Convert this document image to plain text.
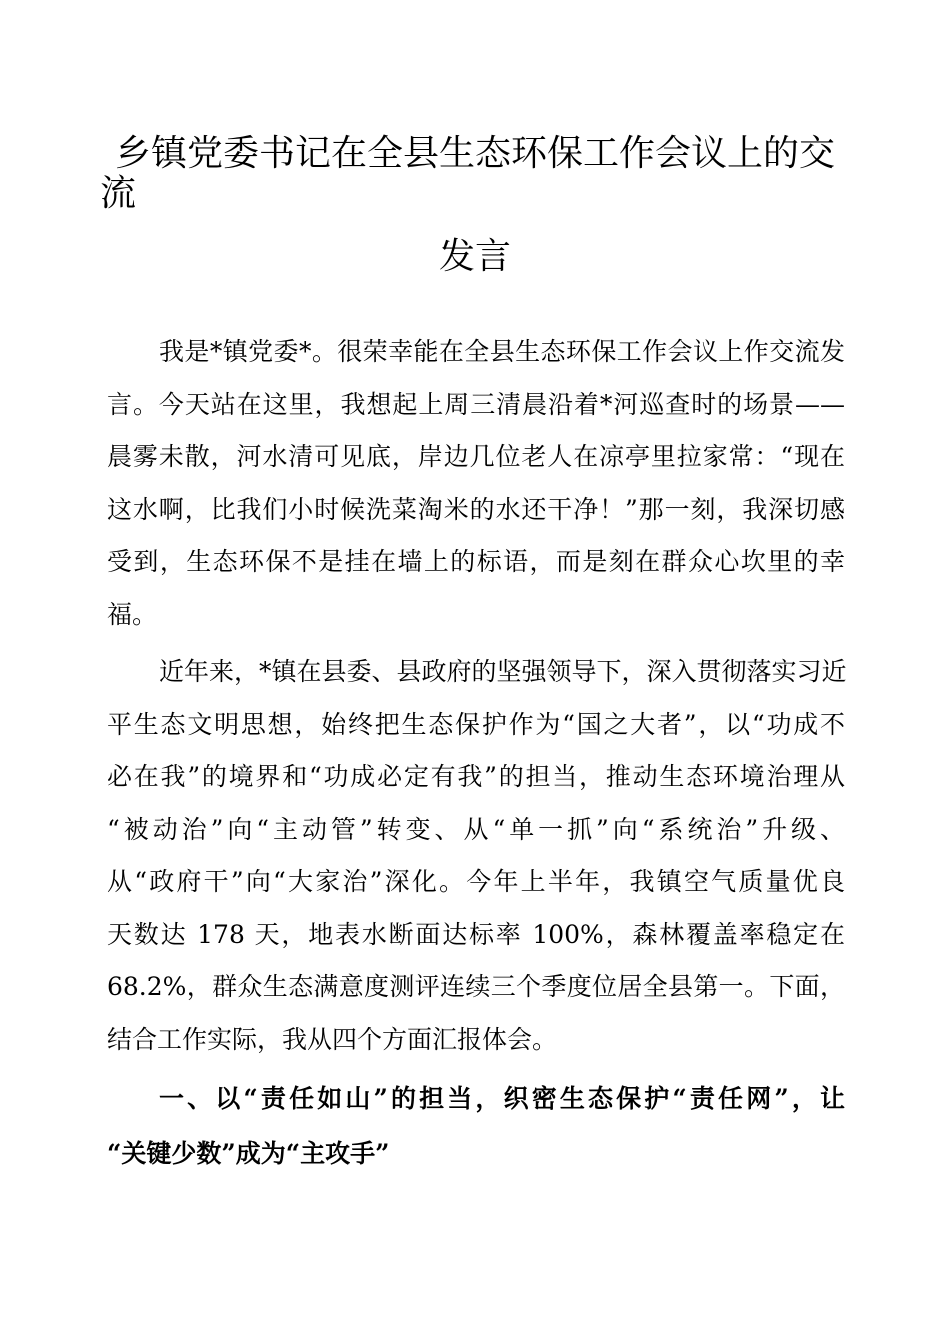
乡镇党委书记在全县生态环保工作会议上的交流
发言
我是*镇党委*。很荣幸能在全县生态环保工作会议上作交流发
言。今天站在这里，我想起上周三清晨沿着*河巡查时的场景——
晨雾未散，河水清可见底，岸边几位老人在凉亭里拉家常：“现在
这水啊，比我们小时候洗菜淘米的水还干净！”那一刻，我深切感
受到，生态环保不是挂在墙上的标语，而是刻在群众心坎里的幸
福。
近年来，*镇在县委、县政府的坚强领导下，深入贯彻落实习近
平生态文明思想，始终把生态保护作为“国之大者”，以“功成不
必在我”的境界和“功成必定有我”的担当，推动生态环境治理从
“被动治”向“主动管”转变、从“单一抓”向“系统治”升级、
从“政府干”向“大家治”深化。今年上半年，我镇空气质量优良
天数达 178 天，地表水断面达标率 100%，森林覆盖率稳定在
68.2%，群众生态满意度测评连续三个季度位居全县第一。下面，
结合工作实际，我从四个方面汇报体会。
一、以“责任如山”的担当，织密生态保护“责任网”，让
“关键少数”成为“主攻手”
